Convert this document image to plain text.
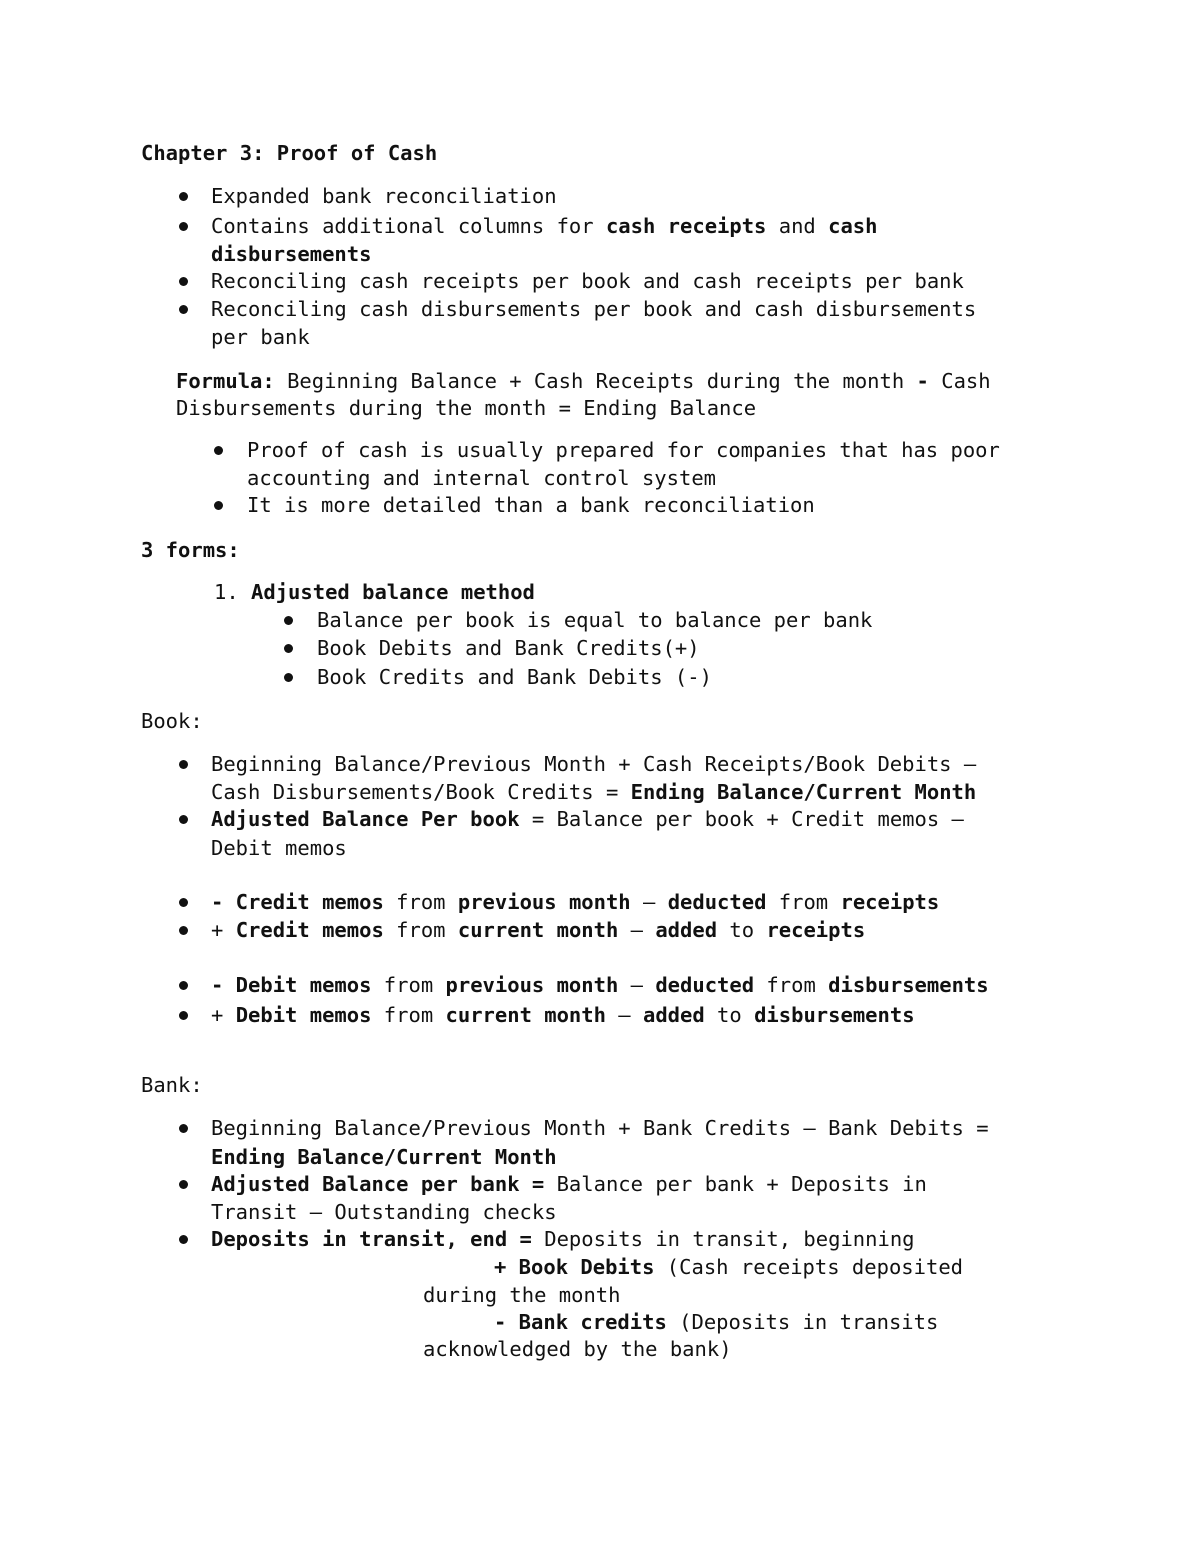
Chapter 3: Proof of Cash
Expanded bank reconciliation
Contains additional columns for cash receipts and cash
disbursements
Reconciling cash receipts per book and cash receipts per bank
Reconciling cash disbursements per book and cash disbursements
per bank
Formula: Beginning Balance + Cash Receipts during the month - Cash
Disbursements during the month = Ending Balance
Proof of cash is usually prepared for companies that has poor
accounting and internal control system
It is more detailed than a bank reconciliation
3 forms:
1. Adjusted balance method
Balance per book is equal to balance per bank
Book Debits and Bank Credits(+)
Book Credits and Bank Debits (-)
Book:
Beginning Balance/Previous Month + Cash Receipts/Book Debits –
Cash Disbursements/Book Credits = Ending Balance/Current Month
Adjusted Balance Per book = Balance per book + Credit memos –
Debit memos
- Credit memos from previous month – deducted from receipts
+ Credit memos from current month – added to receipts
- Debit memos from previous month – deducted from disbursements
+ Debit memos from current month – added to disbursements
Bank:
Beginning Balance/Previous Month + Bank Credits – Bank Debits =
Ending Balance/Current Month
Adjusted Balance per bank = Balance per bank + Deposits in
Transit – Outstanding checks
Deposits in transit, end = Deposits in transit, beginning
+ Book Debits (Cash receipts deposited
during the month
- Bank credits (Deposits in transits
acknowledged by the bank)
